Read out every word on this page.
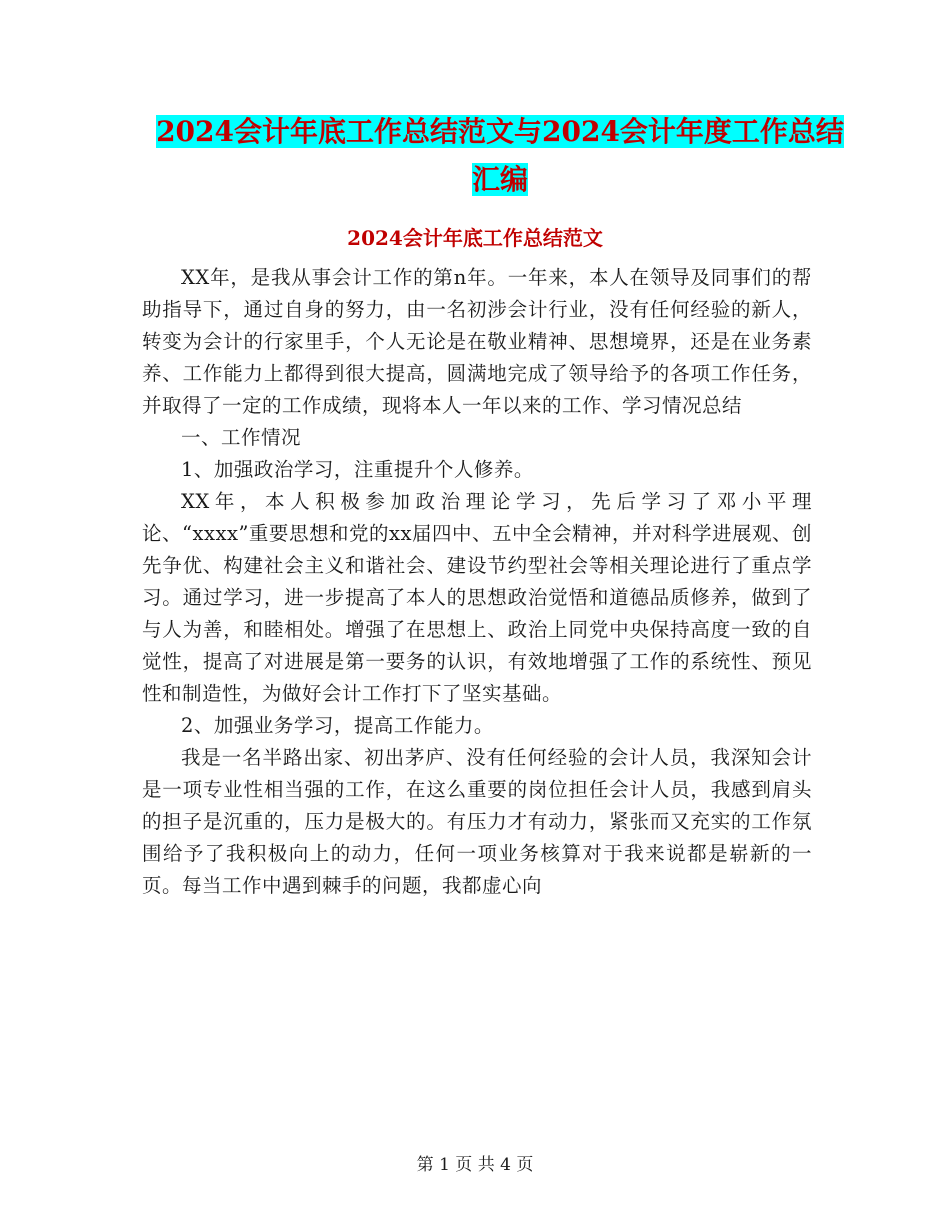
2024会计年底工作总结范文与2024会计年度工作总结
汇编
2024会计年底工作总结范文

XX年，是我从事会计工作的第n年。一年来，本人在领导及同事们的帮助指导下，通过自身的努力，由一名初涉会计行业，没有任何经验的新人，转变为会计的行家里手，个人无论是在敬业精神、思想境界，还是在业务素养、工作能力上都得到很大提高，圆满地完成了领导给予的各项工作任务，并取得了一定的工作成绩，现将本人一年以来的工作、学习情况总结

一、工作情况

1、加强政治学习，注重提升个人修养。

XX年，本人积极参加政治理论学习，先后学习了邓小平理论、“xxxx”重要思想和党的xx届四中、五中全会精神，并对科学进展观、创先争优、构建社会主义和谐社会、建设节约型社会等相关理论进行了重点学习。通过学习，进一步提高了本人的思想政治觉悟和道德品质修养，做到了与人为善，和睦相处。增强了在思想上、政治上同党中央保持高度一致的自觉性，提高了对进展是第一要务的认识，有效地增强了工作的系统性、预见性和制造性，为做好会计工作打下了坚实基础。

2、加强业务学习，提高工作能力。

我是一名半路出家、初出茅庐、没有任何经验的会计人员，我深知会计是一项专业性相当强的工作，在这么重要的岗位担任会计人员，我感到肩头的担子是沉重的，压力是极大的。有压力才有动力，紧张而又充实的工作氛围给予了我积极向上的动力，任何一项业务核算对于我来说都是崭新的一页。每当工作中遇到棘手的问题，我都虚心向

第 1 页 共 4 页
